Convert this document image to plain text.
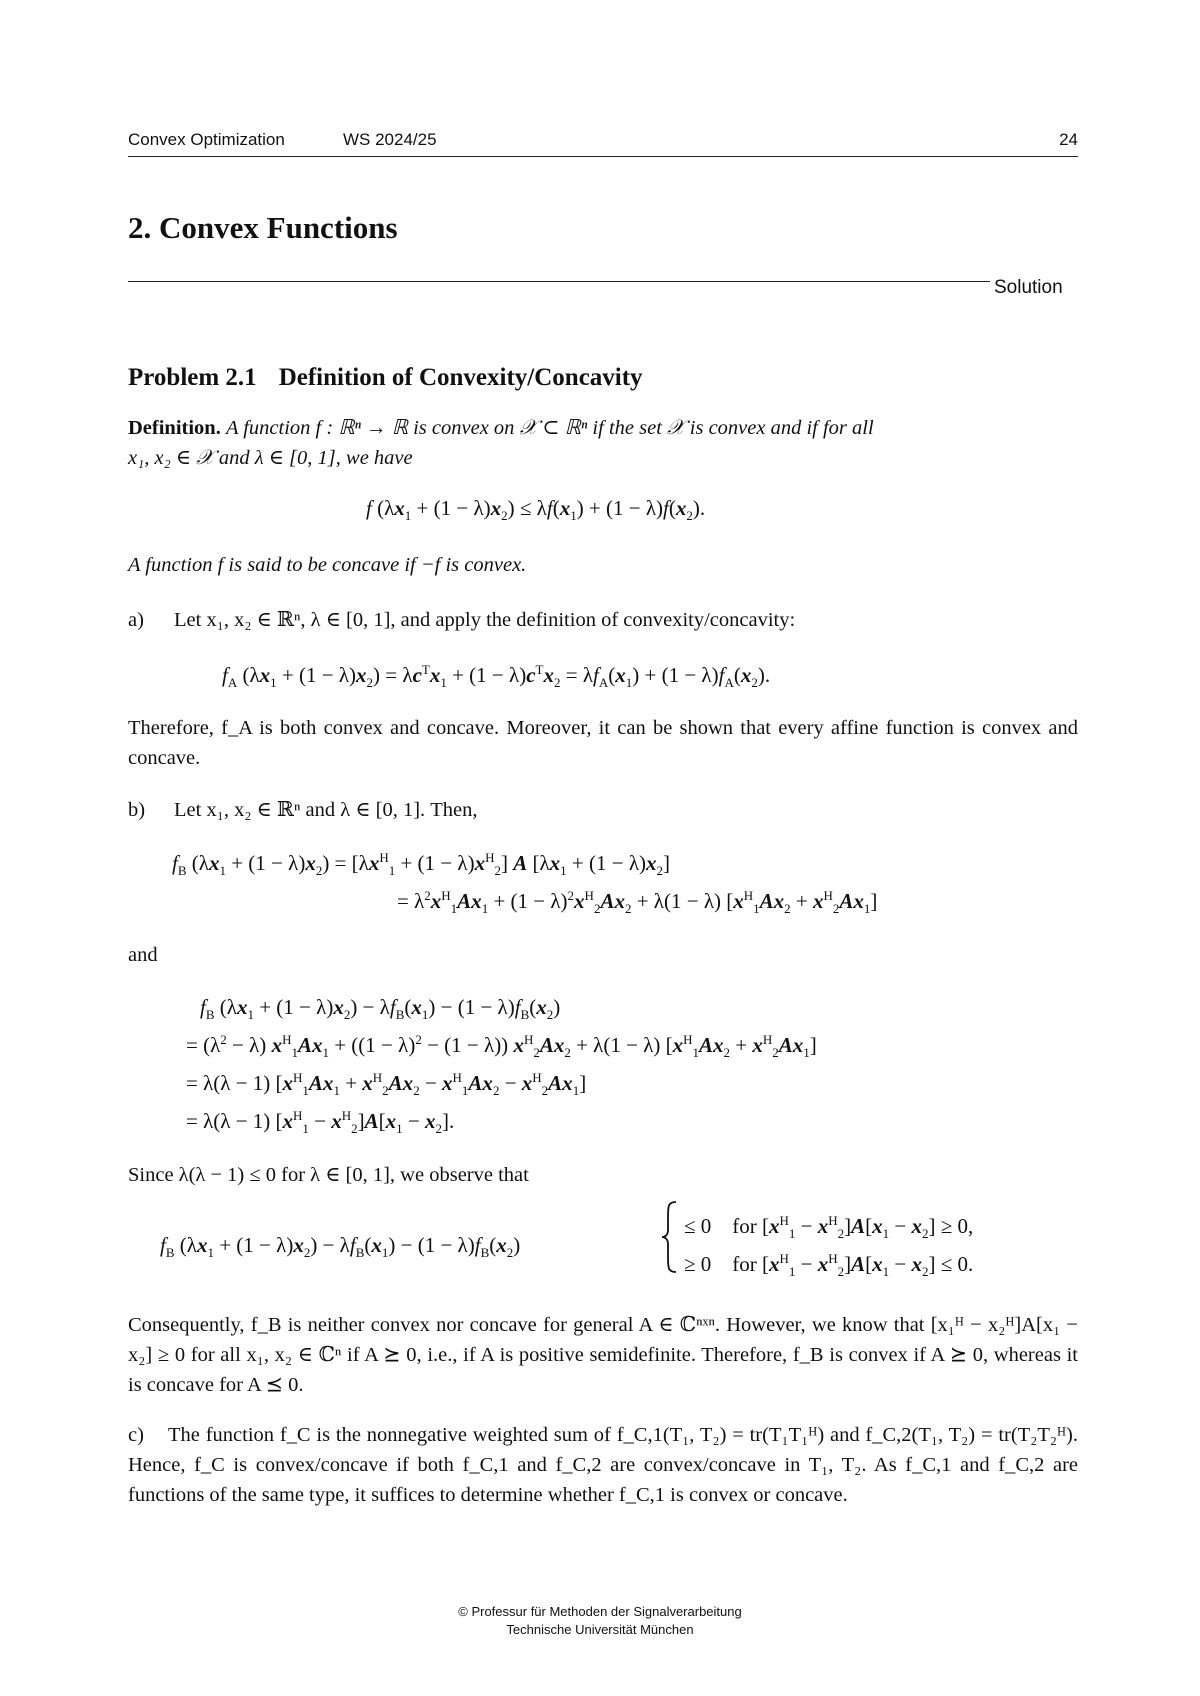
Convex Optimization	WS 2024/25	24
2. Convex Functions
Solution
Problem 2.1 Definition of Convexity/Concavity
Definition. A function f : ℝⁿ → ℝ is convex on 𝒳 ⊂ ℝⁿ if the set 𝒳 is convex and if for all
x₁, x₂ ∈ 𝒳 and λ ∈ [0, 1], we have
f $(\lambda x_1 + (1 - \lambda)x_2) \le \lambda f(x_1) + (1 - \lambda)f(x_2)$.
A function f is said to be concave if −f is convex.
a) Let x₁, x₂ ∈ ℝⁿ, λ ∈ [0, 1], and apply the definition of convexity/concavity:
$f_A$ $(\lambda x_1 + (1 - \lambda)x_2) = \lambda c^Tx_1 + (1 - \lambda)c^Tx_2 = \lambda f_A(x_1) + (1 - \lambda)f_A(x_2)$.
Therefore, f_A is both convex and concave. Moreover, it can be shown that every affine function is convex and concave.
b) Let x₁, x₂ ∈ ℝⁿ and λ ∈ [0, 1]. Then,
$f_B$ $(\lambda x_1 + (1 - \lambda)x_2) = [\lambda x^H_1 + (1 - \lambda)x^H_2]$ A $[\lambda x_1 + (1 - \lambda)x_2]$
= $\lambda^2x^H_1Ax_1 + (1 - \lambda)^2x^H_2Ax_2 + \lambda(1 - \lambda) [x^H_1Ax_2 + x^H_2Ax_1]$
and
$f_B$ $(\lambda x_1 + (1 - \lambda)x_2) - \lambda f_B(x_1) - (1 - \lambda)f_B(x_2)$
= $(\lambda^2 - \lambda) x^H_1Ax_1 + ((1 - \lambda)^2 - (1 - \lambda)) x^H_2Ax_2 + \lambda(1 - \lambda) [x^H_1Ax_2 + x^H_2Ax_1]$
= λ(λ − 1) $[x^H_1Ax_1 + x^H_2Ax_2 - x^H_1Ax_2 - x^H_2Ax_1]$
= λ(λ − 1) $[x^H_1 - x^H_2]A[x_1 - x_2]$.
Since λ(λ − 1) ≤ 0 for λ ∈ [0, 1], we observe that
$f_B$ $(\lambda x_1 + (1 - \lambda)x_2) - \lambda f_B(x_1) - (1 - \lambda)f_B(x_2)$
≤ 0    for $[x^H_1 - x^H_2]A[x_1 - x_2] \ge 0$,
≥ 0    for $[x^H_1 - x^H_2]A[x_1 - x_2] \le 0$.
Consequently, f_B is neither convex nor concave for general A ∈ ℂⁿˣⁿ. However, we know that [x₁ᴴ − x₂ᴴ]A[x₁ − x₂] ≥ 0 for all x₁, x₂ ∈ ℂⁿ if A ⪰ 0, i.e., if A is positive semidefinite. Therefore, f_B is convex if A ⪰ 0, whereas it is concave for A ⪯ 0.
c) The function f_C is the nonnegative weighted sum of f_C,1(T₁, T₂) = tr(T₁T₁ᴴ) and f_C,2(T₁, T₂) = tr(T₂T₂ᴴ). Hence, f_C is convex/concave if both f_C,1 and f_C,2 are convex/concave in T₁, T₂. As f_C,1 and f_C,2 are functions of the same type, it suffices to determine whether f_C,1 is convex or concave.
© Professur für Methoden der Signalverarbeitung
Technische Universität München
